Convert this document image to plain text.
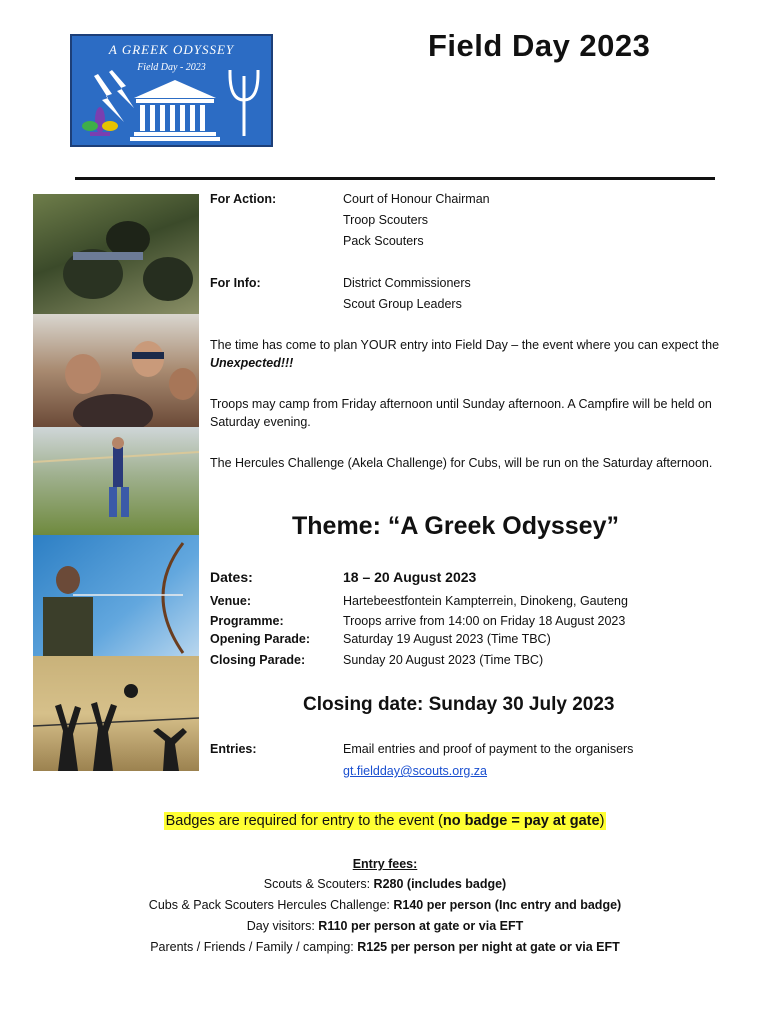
A GREEK ODYSSEY
Field Day - 2023
Field Day 2023
For Action:	Court of Honour Chairman
Troop Scouters
Pack Scouters
For Info:	District Commissioners
Scout Group Leaders
The time has come to plan YOUR entry into Field Day – the event where you can expect the Unexpected!!!
Troops may camp from Friday afternoon until Sunday afternoon. A Campfire will be held on Saturday evening.
The Hercules Challenge (Akela Challenge) for Cubs, will be run on the Saturday afternoon.
Theme: “A Greek Odyssey”
Dates:	18 – 20 August 2023
Venue:	Hartebeestfontein Kampterrein, Dinokeng, Gauteng
Programme:	Troops arrive from 14:00 on Friday 18 August 2023
Opening Parade:	Saturday 19 August 2023 (Time TBC)
Closing Parade:	Sunday 20 August 2023 (Time TBC)
Closing date: Sunday 30 July 2023
Entries:	Email entries and proof of payment to the organisers
gt.fieldday@scouts.org.za
Badges are required for entry to the event (no badge = pay at gate)
Entry fees:
Scouts & Scouters: R280 (includes badge)
Cubs & Pack Scouters Hercules Challenge: R140 per person (Inc entry and badge)
Day visitors: R110 per person at gate or via EFT
Parents / Friends / Family / camping: R125 per person per night at gate or via EFT
